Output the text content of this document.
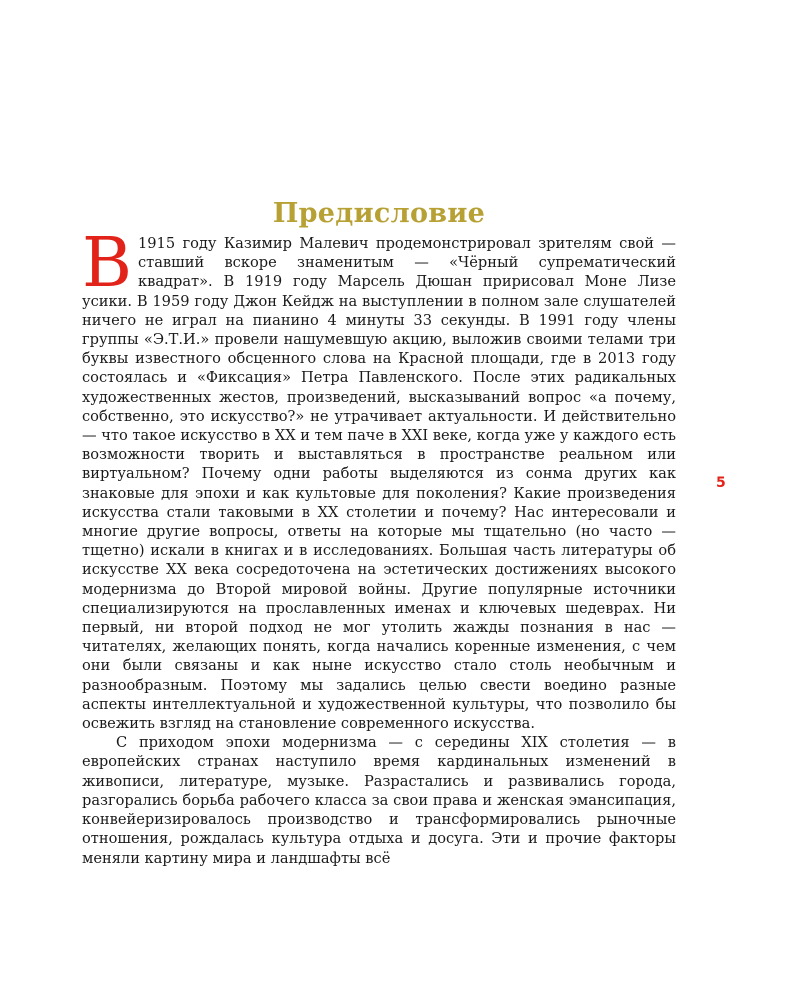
Предисловие

В 1915 году Казимир Малевич продемонстрировал зрителям свой — ставший вскоре знаменитым — «Чёрный супрематический квадрат». В 1919 году Марсель Дюшан пририсовал Моне Лизе усики. В 1959 году Джон Кейдж на выступлении в полном зале слушателей ничего не играл на пианино 4 минуты 33 секунды. В 1991 году члены группы «Э.Т.И.» провели нашумевшую акцию, выложив своими телами три буквы известного обсценного слова на Красной площади, где в 2013 году состоялась и «Фиксация» Петра Павленского. После этих радикальных художественных жестов, произведений, высказываний вопрос «а почему, собственно, это искусство?» не утрачивает актуальности. И действительно — что такое искусство в XX и тем паче в XXI веке, когда уже у каждого есть возможности творить и выставляться в пространстве реальном или виртуальном? Почему одни работы выделяются из сонма других как знаковые для эпохи и как культовые для поколения? Какие произведения искусства стали таковыми в XX столетии и почему? Нас интересовали и многие другие вопросы, ответы на которые мы тщательно (но часто — тщетно) искали в книгах и в исследованиях. Большая часть литературы об искусстве XX века сосредоточена на эстетических достижениях высокого модернизма до Второй мировой войны. Другие популярные источники специализируются на прославленных именах и ключевых шедеврах. Ни первый, ни второй подход не мог утолить жажды познания в нас — читателях, желающих понять, когда начались коренные изменения, с чем они были связаны и как ныне искусство стало столь необычным и разнообразным. Поэтому мы задались целью свести воедино разные аспекты интеллектуальной и художественной культуры, что позволило бы освежить взгляд на становление современного искусства.

С приходом эпохи модернизма — с середины XIX столетия — в европейских странах наступило время кардинальных изменений в живописи, литературе, музыке. Разрастались и развивались города, разгорались борьба рабочего класса за свои права и женская эмансипация, конвейеризировалось производство и трансформировались рыночные отношения, рождалась культура отдыха и досуга. Эти и прочие факторы меняли картину мира и ландшафты всё

5
